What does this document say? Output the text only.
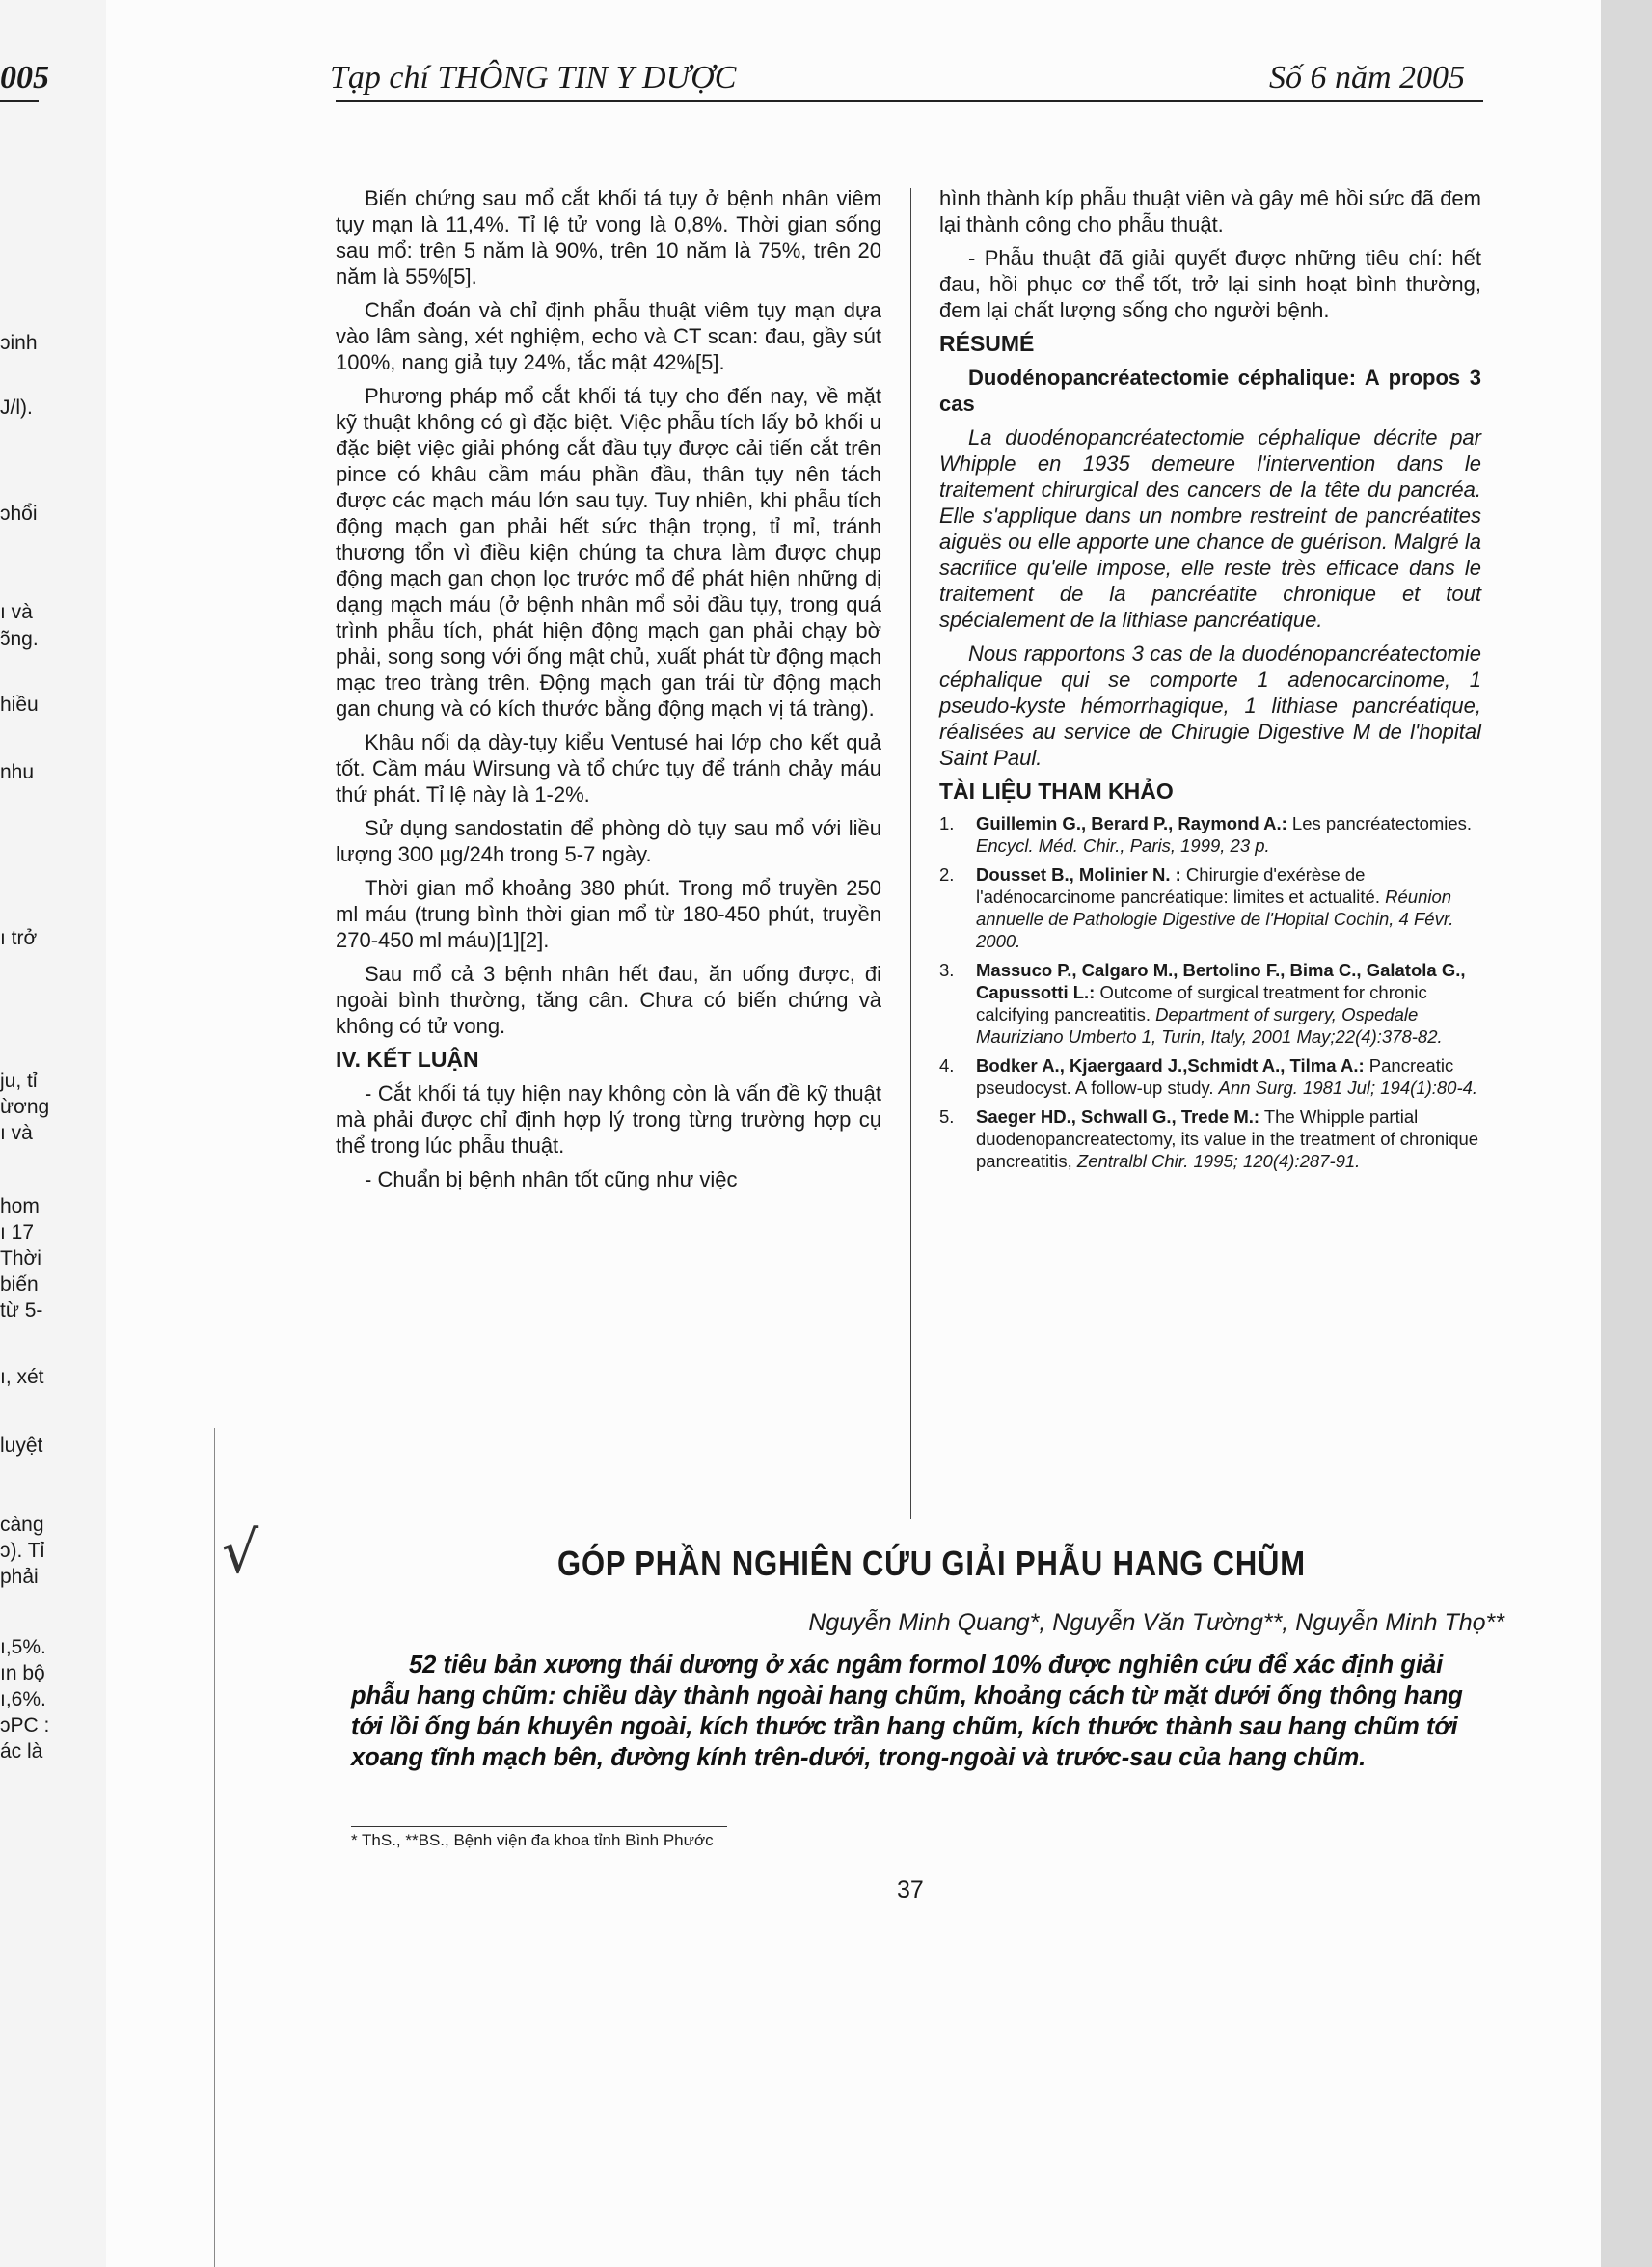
005	Tạp chí THÔNG TIN Y DƯỢC	Số 6 năm 2005
ɔinh
J/l).
ɔhổi
ı và
ɔ̃ng.
hiều
nhu
ı trở
ju, tỉ
ừơng
ı và
hom
ı 17
Thời
biến
từ 5-
ı, xét
luyệt
càng
ɔ). Tỉ
phải
ı,5%.
ın bộ
ı,6%.
ɔPC :
ác là

Biến chứng sau mổ cắt khối tá tụy ở bệnh nhân viêm tụy mạn là 11,4%. Tỉ lệ tử vong là 0,8%. Thời gian sống sau mổ: trên 5 năm là 90%, trên 10 năm là 75%, trên 20 năm là 55%[5].

Chẩn đoán và chỉ định phẫu thuật viêm tụy mạn dựa vào lâm sàng, xét nghiệm, echo và CT scan: đau, gầy sút 100%, nang giả tụy 24%, tắc mật 42%[5].

Phương pháp mổ cắt khối tá tụy cho đến nay, về mặt kỹ thuật không có gì đặc biệt. Việc phẫu tích lấy bỏ khối u đặc biệt việc giải phóng cắt đầu tụy được cải tiến cắt trên pince có khâu cầm máu phần đầu, thân tụy nên tách được các mạch máu lớn sau tụy. Tuy nhiên, khi phẫu tích động mạch gan phải hết sức thận trọng, tỉ mỉ, tránh thương tổn vì điều kiện chúng ta chưa làm được chụp động mạch gan chọn lọc trước mổ để phát hiện những dị dạng mạch máu (ở bệnh nhân mổ sỏi đầu tụy, trong quá trình phẫu tích, phát hiện động mạch gan phải chạy bờ phải, song song với ống mật chủ, xuất phát từ động mạch mạc treo tràng trên. Động mạch gan trái từ động mạch gan chung và có kích thước bằng động mạch vị tá tràng).

Khâu nối dạ dày-tụy kiểu Ventusé hai lớp cho kết quả tốt. Cầm máu Wirsung và tổ chức tụy để tránh chảy máu thứ phát. Tỉ lệ này là 1-2%.

Sử dụng sandostatin để phòng dò tụy sau mổ với liều lượng 300 µg/24h trong 5-7 ngày.

Thời gian mổ khoảng 380 phút. Trong mổ truyền 250 ml máu (trung bình thời gian mổ từ 180-450 phút, truyền 270-450 ml máu)[1][2].

Sau mổ cả 3 bệnh nhân hết đau, ăn uống được, đi ngoài bình thường, tăng cân. Chưa có biến chứng và không có tử vong.

IV. KẾT LUẬN

- Cắt khối tá tụy hiện nay không còn là vấn đề kỹ thuật mà phải được chỉ định hợp lý trong từng trường hợp cụ thể trong lúc phẫu thuật.

- Chuẩn bị bệnh nhân tốt cũng như việc

hình thành kíp phẫu thuật viên và gây mê hồi sức đã đem lại thành công cho phẫu thuật.

- Phẫu thuật đã giải quyết được những tiêu chí: hết đau, hồi phục cơ thể tốt, trở lại sinh hoạt bình thường, đem lại chất lượng sống cho người bệnh.

RÉSUMÉ

Duodénopancréatectomie céphalique: A propos 3 cas

La duodénopancréatectomie céphalique décrite par Whipple en 1935 demeure l'intervention dans le traitement chirurgical des cancers de la tête du pancréa. Elle s'applique dans un nombre restreint de pancréatites aiguës ou elle apporte une chance de guérison. Malgré la sacrifice qu'elle impose, elle reste très efficace dans le traitement de la pancréatite chronique et tout spécialement de la lithiase pancréatique.

Nous rapportons 3 cas de la duodénopancréatectomie céphalique qui se comporte 1 adenocarcinome, 1 pseudo-kyste hémorrhagique, 1 lithiase pancréatique, réalisées au service de Chirugie Digestive M de l'hopital Saint Paul.

TÀI LIỆU THAM KHẢO
1. Guillemin G., Berard P., Raymond A.: Les pancréatectomies. Encycl. Méd. Chir., Paris, 1999, 23 p.
2. Dousset B., Molinier N. : Chirurgie d'exérèse de l'adénocarcinome pancréatique: limites et actualité. Réunion annuelle de Pathologie Digestive de l'Hopital Cochin, 4 Févr. 2000.
3. Massuco P., Calgaro M., Bertolino F., Bima C., Galatola G., Capussotti L.: Outcome of surgical treatment for chronic calcifying pancreatitis. Department of surgery, Ospedale Mauriziano Umberto 1, Turin, Italy, 2001 May;22(4):378-82.
4. Bodker A., Kjaergaard J.,Schmidt A., Tilma A.: Pancreatic pseudocyst. A follow-up study. Ann Surg. 1981 Jul; 194(1):80-4.
5. Saeger HD., Schwall G., Trede M.: The Whipple partial duodenopancreatectomy, its value in the treatment of chronique pancreatitis, Zentralbl Chir. 1995; 120(4):287-91.
√	GÓP PHẦN NGHIÊN CỨU GIẢI PHẪU HANG CHŨM
Nguyễn Minh Quang*, Nguyễn Văn Tường**, Nguyễn Minh Thọ**
52 tiêu bản xương thái dương ở xác ngâm formol 10% được nghiên cứu để xác định giải phẫu hang chũm: chiều dày thành ngoài hang chũm, khoảng cách từ mặt dưới ống thông hang tới lồi ống bán khuyên ngoài, kích thước trần hang chũm, kích thước thành sau hang chũm tới xoang tĩnh mạch bên, đường kính trên-dưới, trong-ngoài và trước-sau của hang chũm.
* ThS., **BS., Bệnh viện đa khoa tỉnh Bình Phước
37
